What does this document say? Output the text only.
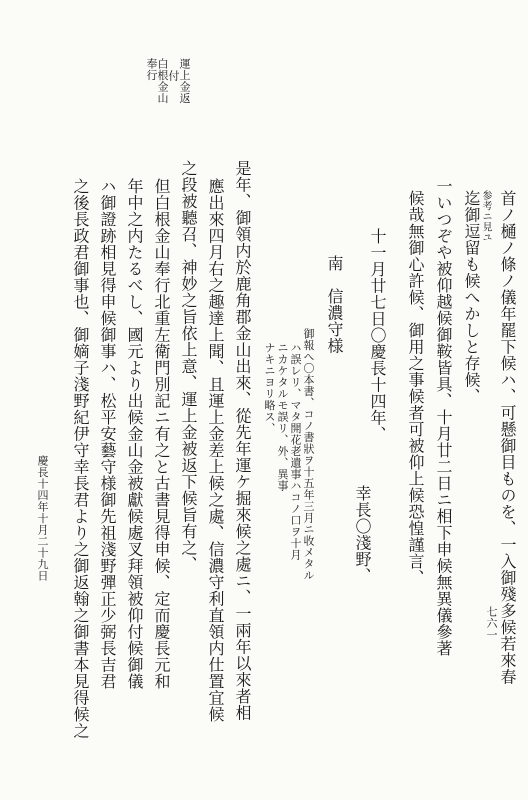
運上金返
付
白根金山
奉行
首ノ樋ノ條ノ儀年罷下候ハ、可懸御目ものを、一入御殘多候若來春
参考ニ見ユ
迄御逗留も候へかしと存候、
一いつぞや被仰越候御鞍皆具、十月廿二日ニ相下申候無異儀參著
候哉無御心許候、御用之事候者可被仰上候恐惶謹言、
十一月廿七日〇慶長十四年、
幸長〇淺野、
南　信濃守様
御報へ〇本書、コノ書狀ヲ十五年三月ニ收メタル
ハ誤レリ、マタ開花老遺事ハコノ口ヲ十月
ニカケタルモ誤リ、外、異事
ナキニヨリ略ス、
是年、御領内於鹿角郡金山出來、從先年運ケ掘來候之處ニ、一兩年以來者相
應出來四月右之趣達上聞、且運上金差上候之處、信濃守利直領内仕置宜候
之段被聽召、神妙之旨依上意、運上金被返下候旨有之、
但白根金山奉行北重左衛門別記ニ有之と古書見得申候、定而慶長元和
年中之内たるべし、國元より出候金山金被獻候處叉拜領被仰付候御儀
ハ御證跡相見得申候御事ハ、松平安藝守様御先祖淺野彈正少弼長吉君
之後長政君御事也、御嫡子淺野紀伊守幸長君より之御返翰之御書本見得候之
慶長十四年十月二十九日
七六一
